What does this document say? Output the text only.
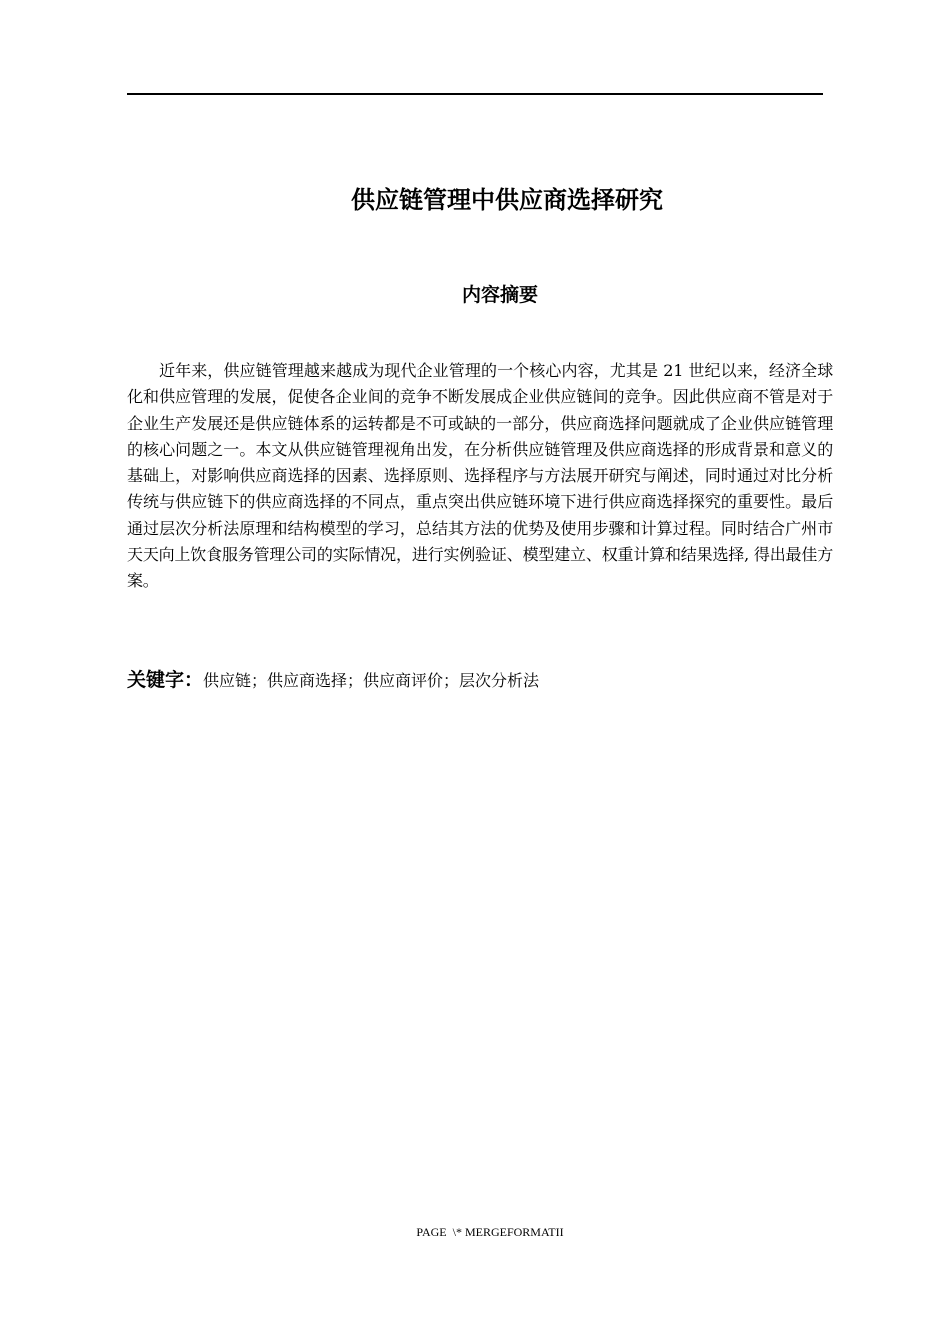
供应链管理中供应商选择研究
内容摘要

近年来，供应链管理越来越成为现代企业管理的一个核心内容，尤其是 21 世纪以来，经济全球化和供应管理的发展，促使各企业间的竞争不断发展成企业供应链间的竞争。因此供应商不管是对于企业生产发展还是供应链体系的运转都是不可或缺的一部分，供应商选择问题就成了企业供应链管理的核心问题之一。本文从供应链管理视角出发，在分析供应链管理及供应商选择的形成背景和意义的基础上，对影响供应商选择的因素、选择原则、选择程序与方法展开研究与阐述，同时通过对比分析传统与供应链下的供应商选择的不同点，重点突出供应链环境下进行供应商选择探究的重要性。最后通过层次分析法原理和结构模型的学习，总结其方法的优势及使用步骤和计算过程。同时结合广州市天天向上饮食服务管理公司的实际情况，进行实例验证、模型建立、权重计算和结果选择, 得出最佳方案。

关键字：供应链；供应商选择；供应商评价；层次分析法

PAGE  \* MERGEFORMATII
